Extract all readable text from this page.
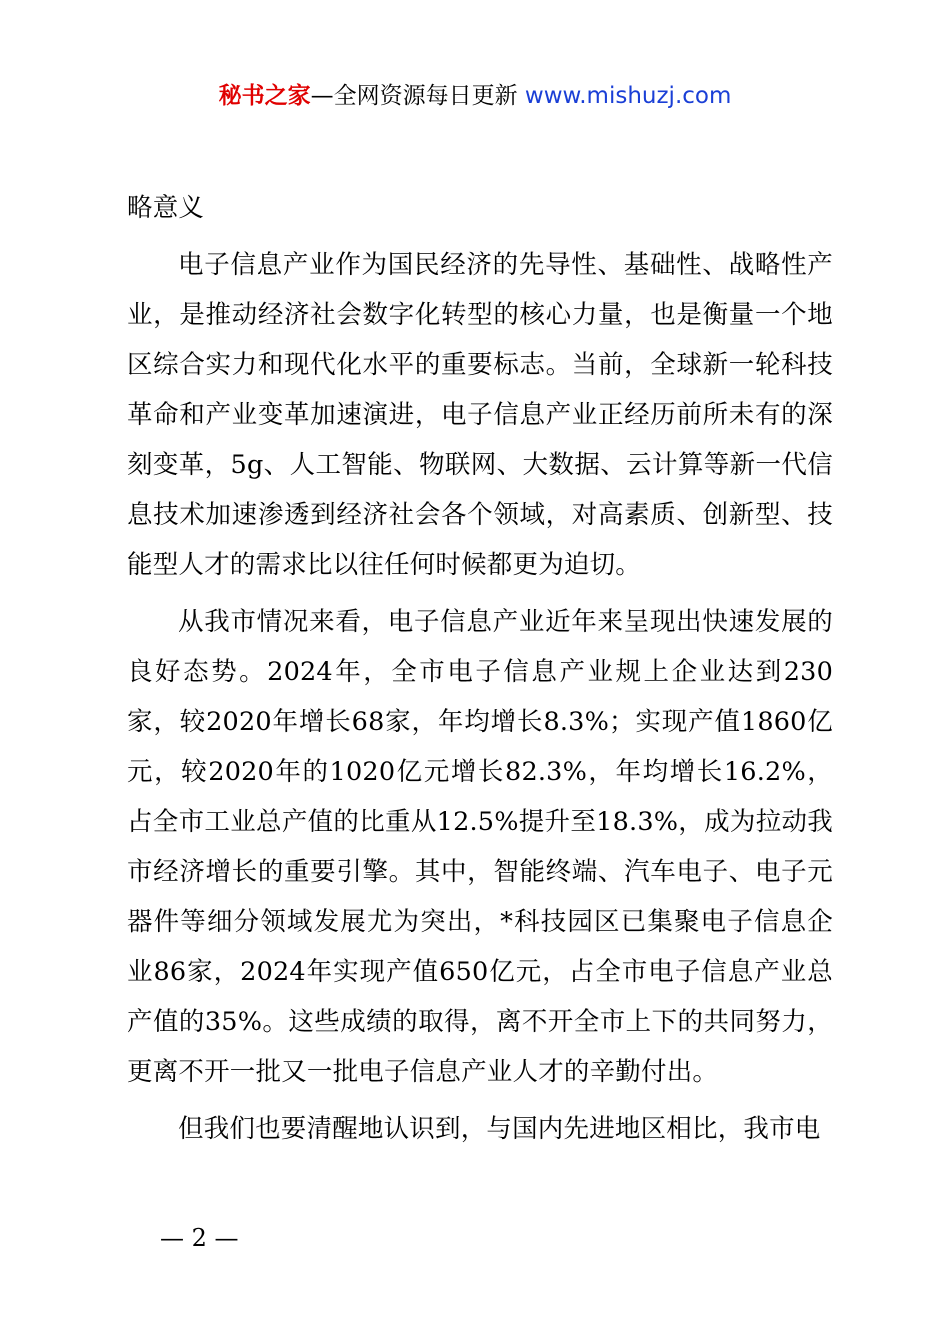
秘书之家—全网资源每日更新 www.mishuzj.com

略意义

电子信息产业作为国民经济的先导性、基础性、战略性产业，是推动经济社会数字化转型的核心力量，也是衡量一个地区综合实力和现代化水平的重要标志。当前，全球新一轮科技革命和产业变革加速演进，电子信息产业正经历前所未有的深刻变革，5g、人工智能、物联网、大数据、云计算等新一代信息技术加速渗透到经济社会各个领域，对高素质、创新型、技能型人才的需求比以往任何时候都更为迫切。

从我市情况来看，电子信息产业近年来呈现出快速发展的良好态势。2024年，全市电子信息产业规上企业达到230家，较2020年增长68家，年均增长8.3%；实现产值1860亿元，较2020年的1020亿元增长82.3%，年均增长16.2%，占全市工业总产值的比重从12.5%提升至18.3%，成为拉动我市经济增长的重要引擎。其中，智能终端、汽车电子、电子元器件等细分领域发展尤为突出，*科技园区已集聚电子信息企业86家，2024年实现产值650亿元，占全市电子信息产业总产值的35%。这些成绩的取得，离不开全市上下的共同努力，更离不开一批又一批电子信息产业人才的辛勤付出。

但我们也要清醒地认识到，与国内先进地区相比，我市电

— 2 —
